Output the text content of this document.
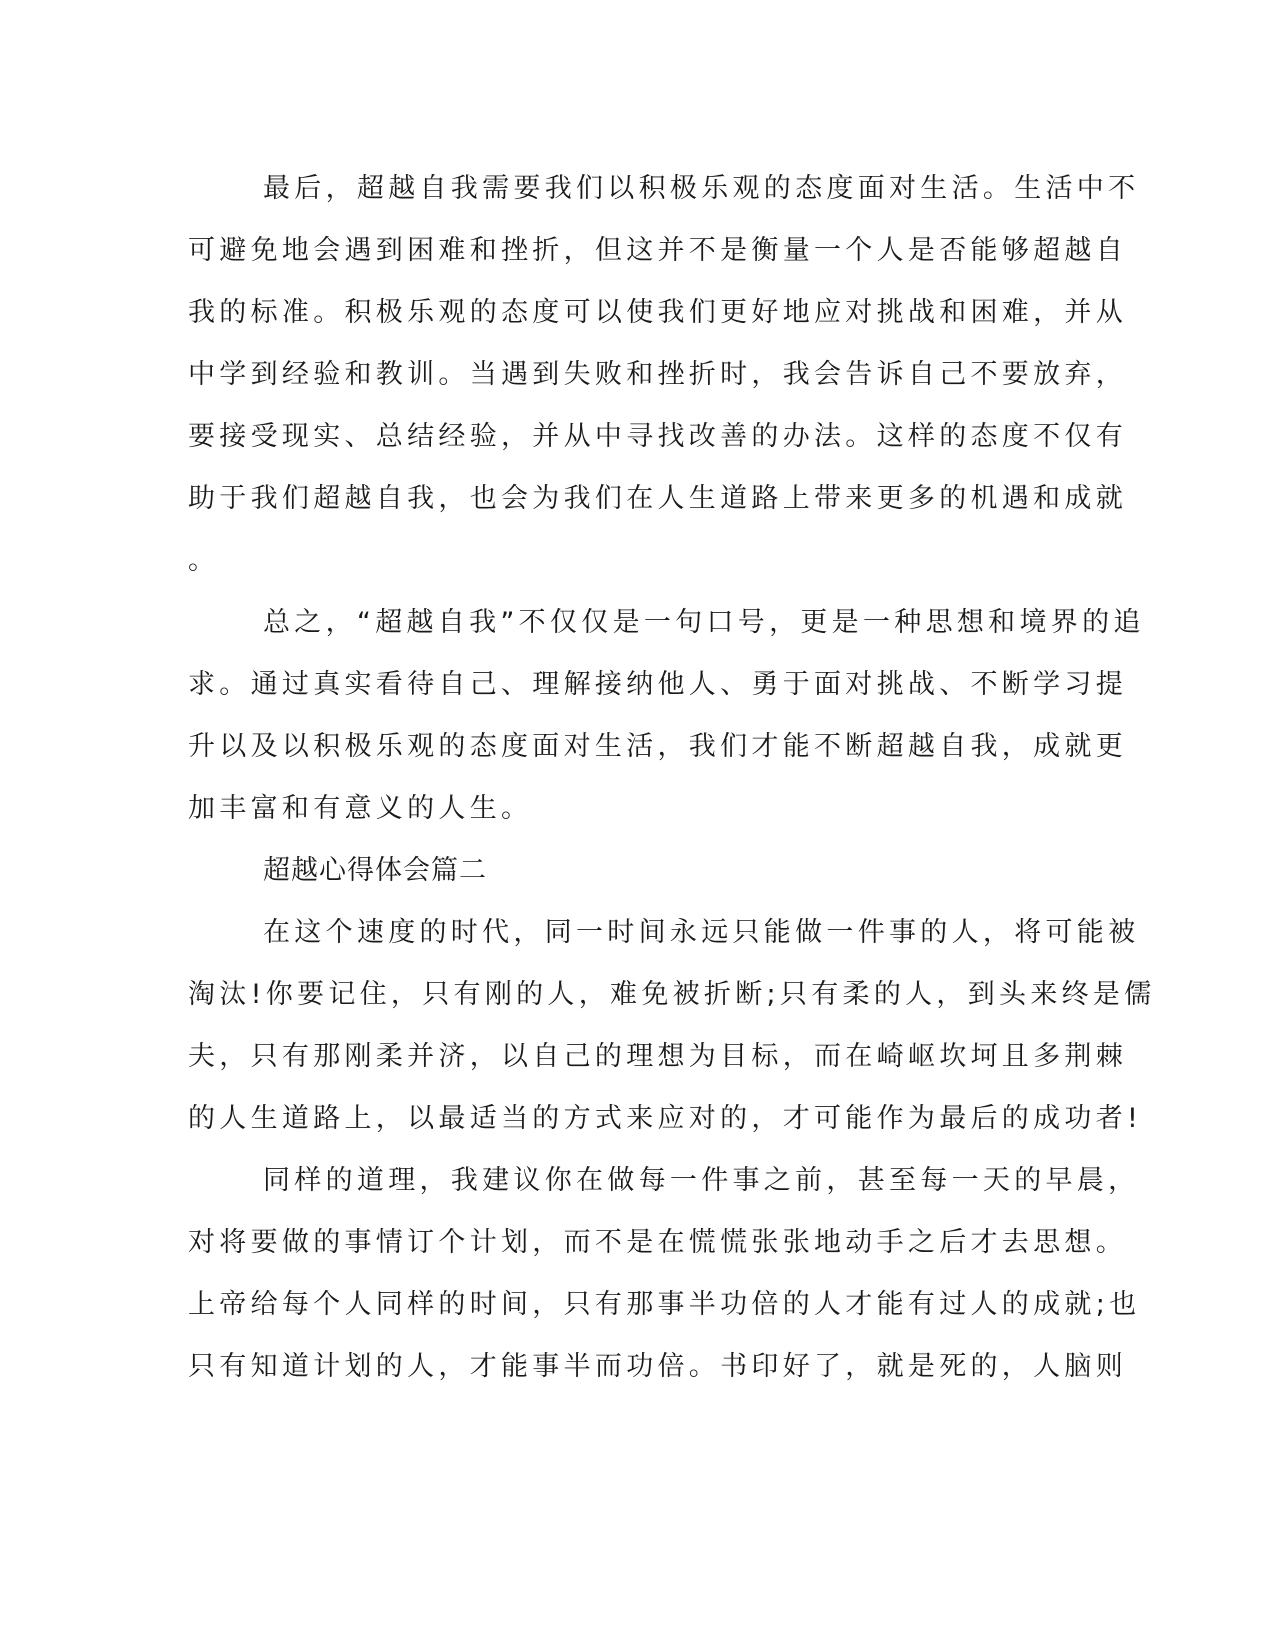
最后，超越自我需要我们以积极乐观的态度面对生活。生活中不
可避免地会遇到困难和挫折，但这并不是衡量一个人是否能够超越自
我的标准。积极乐观的态度可以使我们更好地应对挑战和困难，并从
中学到经验和教训。当遇到失败和挫折时，我会告诉自己不要放弃，
要接受现实、总结经验，并从中寻找改善的办法。这样的态度不仅有
助于我们超越自我，也会为我们在人生道路上带来更多的机遇和成就
。
总之，“超越自我”不仅仅是一句口号，更是一种思想和境界的追
求。通过真实看待自己、理解接纳他人、勇于面对挑战、不断学习提
升以及以积极乐观的态度面对生活，我们才能不断超越自我，成就更
加丰富和有意义的人生。
超越心得体会篇二
在这个速度的时代，同一时间永远只能做一件事的人，将可能被
淘汰!你要记住，只有刚的人，难免被折断;只有柔的人，到头来终是儒
夫，只有那刚柔并济，以自己的理想为目标，而在崎岖坎坷且多荆棘
的人生道路上，以最适当的方式来应对的，才可能作为最后的成功者!
同样的道理，我建议你在做每一件事之前，甚至每一天的早晨，
对将要做的事情订个计划，而不是在慌慌张张地动手之后才去思想。
上帝给每个人同样的时间，只有那事半功倍的人才能有过人的成就;也
只有知道计划的人，才能事半而功倍。书印好了，就是死的，人脑则
